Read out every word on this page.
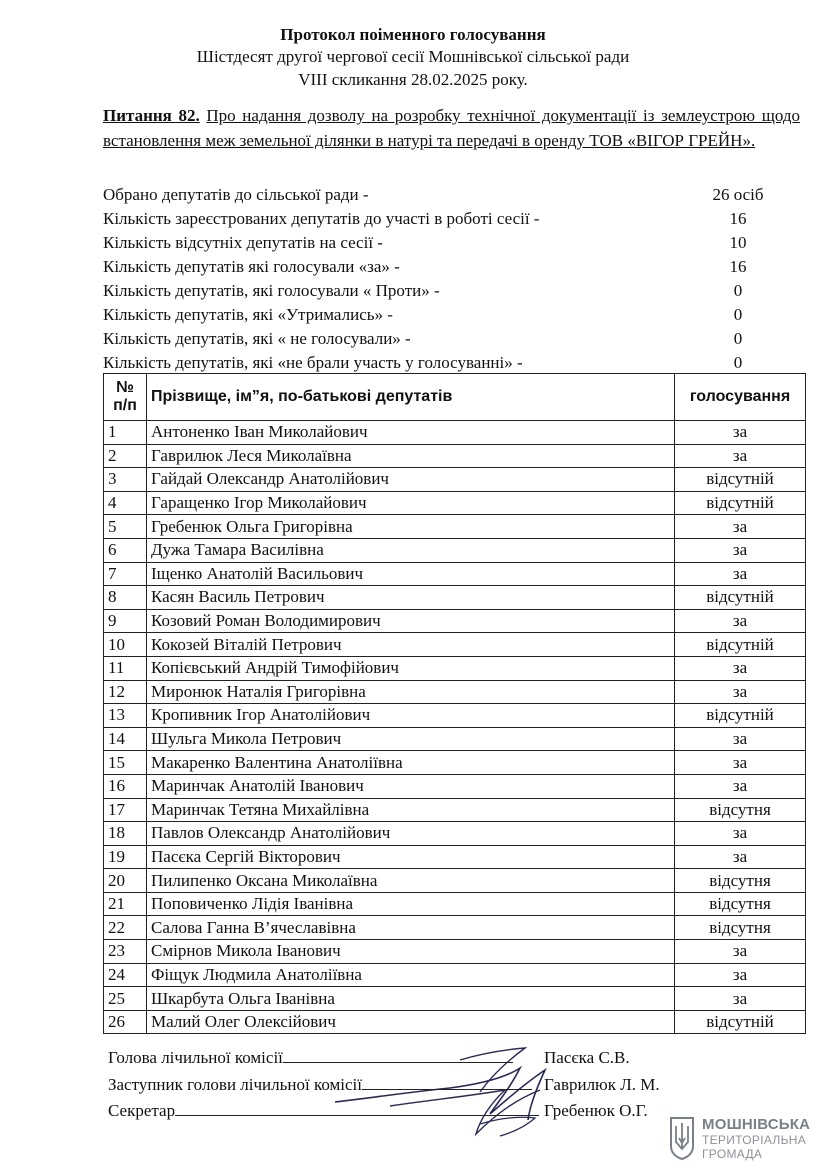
Протокол поіменного голосування
Шістдесят другої чергової сесії Мошнівської сільської ради
VIII скликання 28.02.2025 року.
Питання 82. Про надання дозволу на розробку технічної документації із землеустрою щодо встановлення меж земельної ділянки в натурі та передачі в оренду ТОВ «ВІГОР ГРЕЙН».
Обрано депутатів до сільської ради -	26 осіб
Кількість зареєстрованих депутатів до участі в роботі сесії -	16
Кількість відсутніх депутатів на сесії -	10
Кількість депутатів які голосували «за» -	16
Кількість депутатів, які голосували « Проти» -	0
Кількість депутатів, які «Утримались» -	0
Кількість депутатів, які « не голосували» -	0
Кількість депутатів, які «не брали участь у голосуванні» -	0
№ п/п	Прізвище, ім”я, по-батькові депутатів	голосування
1	Антоненко Іван Миколайович	за
2	Гаврилюк Леся Миколаївна	за
3	Гайдай Олександр Анатолійович	відсутній
4	Гаращенко Ігор Миколайович	відсутній
5	Гребенюк Ольга Григорівна	за
6	Дужа Тамара Василівна	за
7	Іщенко Анатолій Васильович	за
8	Касян Василь Петрович	відсутній
9	Козовий Роман Володимирович	за
10	Кокозей Віталій Петрович	відсутній
11	Копієвський Андрій Тимофійович	за
12	Миронюк Наталія Григорівна	за
13	Кропивник Ігор Анатолійович	відсутній
14	Шульга Микола Петрович	за
15	Макаренко Валентина Анатоліївна	за
16	Маринчак Анатолій Іванович	за
17	Маринчак Тетяна Михайлівна	відсутня
18	Павлов Олександр Анатолійович	за
19	Пасєка Сергій Вікторович	за
20	Пилипенко Оксана Миколаївна	відсутня
21	Поповиченко Лідія Іванівна	відсутня
22	Салова Ганна В’ячеславівна	відсутня
23	Смірнов Микола Іванович	за
24	Фіщук Людмила Анатоліївна	за
25	Шкарбута Ольга Іванівна	за
26	Малий Олег Олексійович	відсутній
Голова лічильної комісії	Пасєка С.В.
Заступник голови лічильної комісії	Гаврилюк Л. М.
Секретар	Гребенюк О.Г.
МОШНІВСЬКА
ТЕРИТОРІАЛЬНА
ГРОМАДА
